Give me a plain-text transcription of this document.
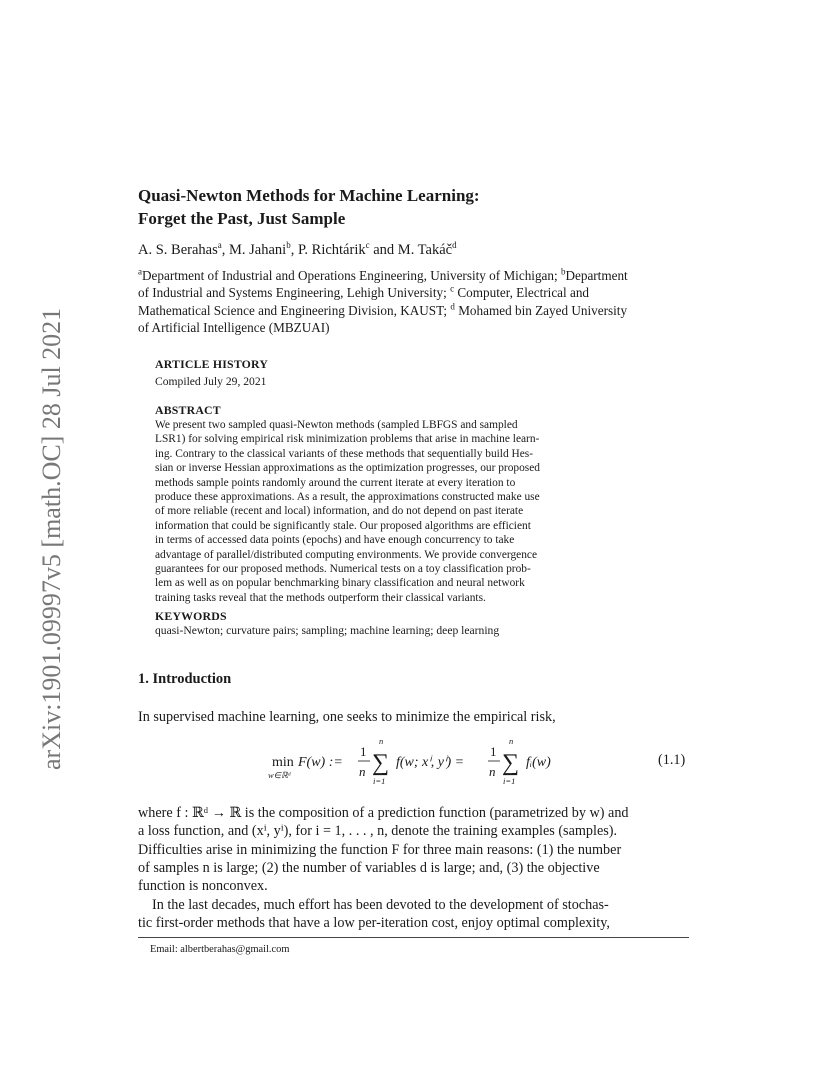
arXiv:1901.09997v5 [math.OC] 28 Jul 2021
Quasi-Newton Methods for Machine Learning:
Forget the Past, Just Sample
A. S. Berahas$^a$, M. Jahani$^b$, P. Richtárik$^c$ and M. Takáč$^d$
$^a$Department of Industrial and Operations Engineering, University of Michigan; $^b$Department
of Industrial and Systems Engineering, Lehigh University; $^c$ Computer, Electrical and
Mathematical Science and Engineering Division, KAUST; $^d$ Mohamed bin Zayed University
of Artificial Intelligence (MBZUAI)
ARTICLE HISTORY
Compiled July 29, 2021
ABSTRACT
We present two sampled quasi-Newton methods (sampled LBFGS and sampled
LSR1) for solving empirical risk minimization problems that arise in machine learn-
ing. Contrary to the classical variants of these methods that sequentially build Hes-
sian or inverse Hessian approximations as the optimization progresses, our proposed
methods sample points randomly around the current iterate at every iteration to
produce these approximations. As a result, the approximations constructed make use
of more reliable (recent and local) information, and do not depend on past iterate
information that could be significantly stale. Our proposed algorithms are efficient
in terms of accessed data points (epochs) and have enough concurrency to take
advantage of parallel/distributed computing environments. We provide convergence
guarantees for our proposed methods. Numerical tests on a toy classification prob-
lem as well as on popular benchmarking binary classification and neural network
training tasks reveal that the methods outperform their classical variants.
KEYWORDS
quasi-Newton; curvature pairs; sampling; machine learning; deep learning
1. Introduction
In supervised machine learning, one seeks to minimize the empirical risk,
min
w∈ℝᵈ
F(w) :=
1
n
n
∑
i=1
f(w; xⁱ, yⁱ) =
1
n
n
∑
i=1
fᵢ(w)	(1.1)
where f : ℝᵈ → ℝ is the composition of a prediction function (parametrized by w) and
a loss function, and (xⁱ, yⁱ), for i = 1, . . . , n, denote the training examples (samples).
Difficulties arise in minimizing the function F for three main reasons: (1) the number
of samples n is large; (2) the number of variables d is large; and, (3) the objective
function is nonconvex.
In the last decades, much effort has been devoted to the development of stochas-
tic first-order methods that have a low per-iteration cost, enjoy optimal complexity,
Email: albertberahas@gmail.com
